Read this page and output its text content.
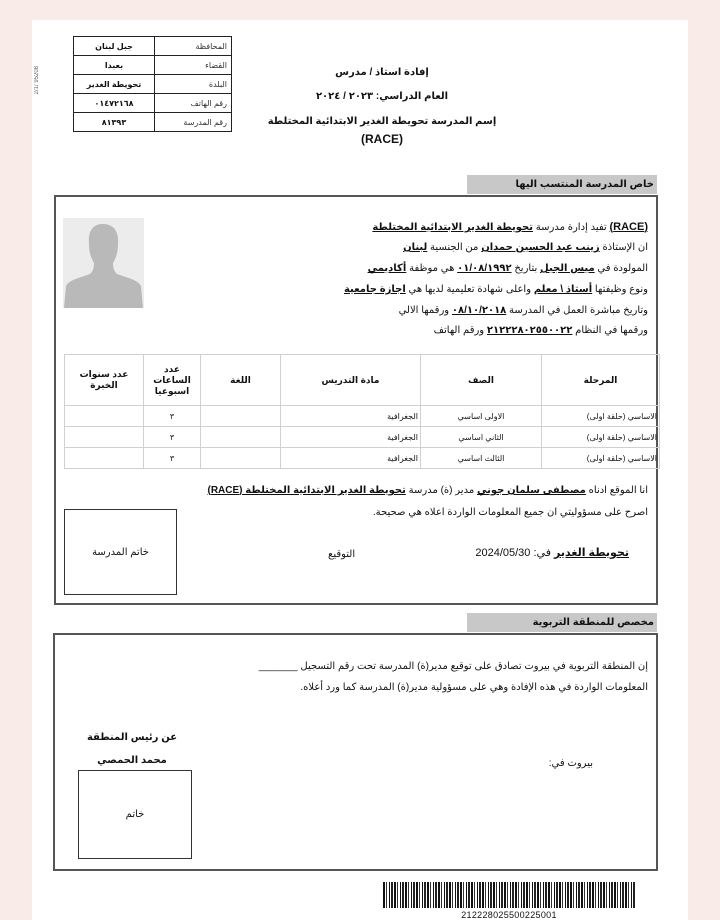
2/1/ 95208
المحافظة	جبل لبنان
القضاء	بعبدا
البلدة	تحويطة الغدير
رقم الهاتف	٠١٤٧٢١٦٨
رقم المدرسة	٨١٣٩٣
إفادة استاذ / مدرس
العام الدراسي: ٢٠٢٣ / ٢٠٢٤
إسم المدرسة تحويطة الغدير الابتدائية المختلطة
(RACE)
خاص المدرسة المنتسب اليها
(RACE) تفيد إدارة مدرسة تحويطة الغدير الابتدائية المختلطة
ان الإستاذة زينب عبد الحسين حمدان من الجنسية لبنان
المولودة في ميس الجبل بتاريخ ٠١/٠٨/١٩٩٢ هي موظفة أكاديمي
ونوع وظيفتها أستاذ \ معلم واعلى شهادة تعليمية لديها هي اجازة جامعية
وتاريخ مباشرة العمل في المدرسة ٠٨/١٠/٢٠١٨ ورقمها الالي
ورقمها في النظام ٢١٢٢٢٨٠٢٥٥٠٠٢٢ ورقم الهاتف
المرحلة	الصف	مادة التدريس	اللغة	عدد الساعات اسبوعيا	عدد سنوات الخبرة
الاساسي (حلقة اولى)	الاولى اساسي	الجغرافية		٣	
الاساسي (حلقة اولى)	الثاني اساسي	الجغرافية		٣	
الاساسي (حلقة اولى)	الثالث اساسي	الجغرافية		٣	
انا الموقع ادناه مصطفى سلمان جوني مدير (ة) مدرسة تحويطة الغدير الابتدائية المختلطة (RACE)
اصرح على مسؤوليتي ان جميع المعلومات الواردة اعلاه هي صحيحة.
تحويطة الغدير في: 2024/05/30
التوقيع
خاتم المدرسة
مخصص للمنطقة التربوية
إن المنطقة التربوية في بيروت تصادق على توقيع مدير(ة) المدرسة تحت رقم التسجيل _______
المعلومات الواردة في هذه الإفادة وهي على مسؤولية مدير(ة) المدرسة كما ورد أعلاه.
عن رئيس المنطقة
محمد الحمصي
خاتم
بيروت في:
212228025500225001
